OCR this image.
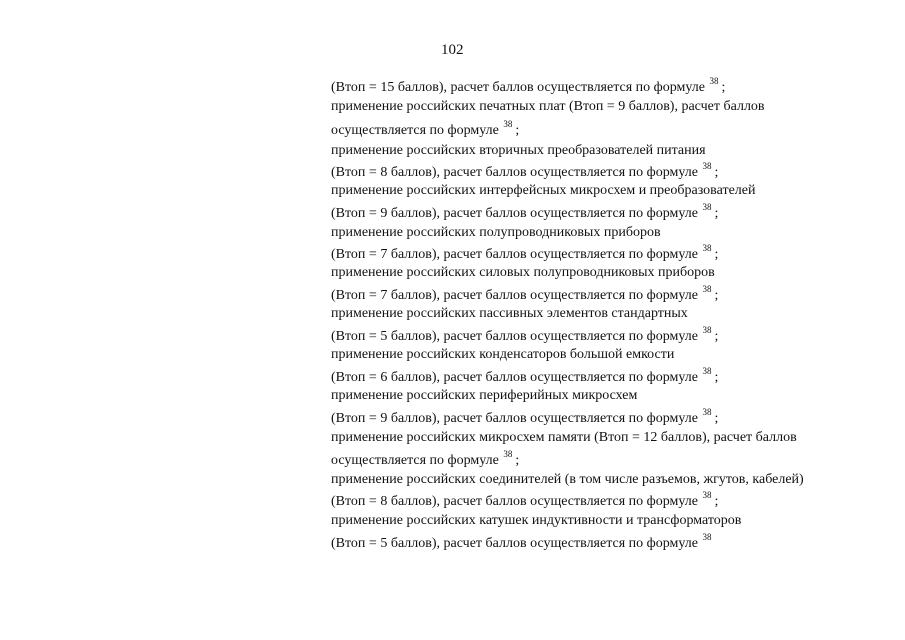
102
(Втоп = 15 баллов), расчет баллов осуществляется по формуле $^{38}$ ;
применение российских печатных плат (Втоп = 9 баллов), расчет баллов
осуществляется по формуле $^{38}$ ;
применение российских вторичных преобразователей питания
(Втоп = 8 баллов), расчет баллов осуществляется по формуле $^{38}$ ;
применение российских интерфейсных микросхем и преобразователей
(Втоп = 9 баллов), расчет баллов осуществляется по формуле $^{38}$ ;
применение российских полупроводниковых приборов
(Втоп = 7 баллов), расчет баллов осуществляется по формуле $^{38}$ ;
применение российских силовых полупроводниковых приборов
(Втоп = 7 баллов), расчет баллов осуществляется по формуле $^{38}$ ;
применение российских пассивных элементов стандартных
(Втоп = 5 баллов), расчет баллов осуществляется по формуле $^{38}$ ;
применение российских конденсаторов большой емкости
(Втоп = 6 баллов), расчет баллов осуществляется по формуле $^{38}$ ;
применение российских периферийных микросхем
(Втоп = 9 баллов), расчет баллов осуществляется по формуле $^{38}$ ;
применение российских микросхем памяти (Втоп = 12 баллов), расчет баллов
осуществляется по формуле $^{38}$ ;
применение российских соединителей (в том числе разъемов, жгутов, кабелей)
(Втоп = 8 баллов), расчет баллов осуществляется по формуле $^{38}$ ;
применение российских катушек индуктивности и трансформаторов
(Втоп = 5 баллов), расчет баллов осуществляется по формуле $^{38}$
